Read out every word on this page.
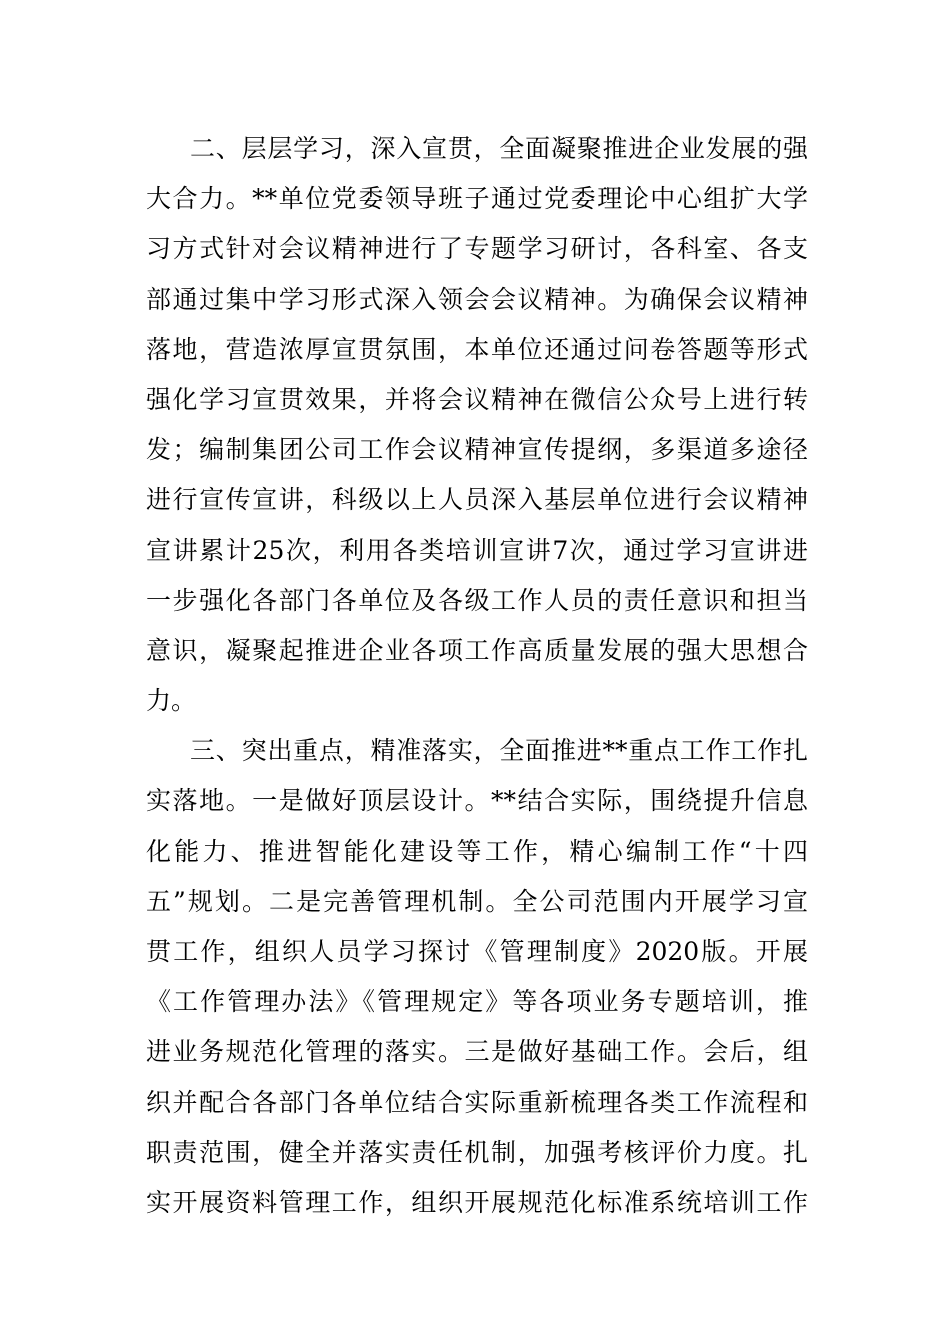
二、层层学习，深入宣贯，全面凝聚推进企业发展的强
大合力。**单位党委领导班子通过党委理论中心组扩大学
习方式针对会议精神进行了专题学习研讨，各科室、各支
部通过集中学习形式深入领会会议精神。为确保会议精神
落地，营造浓厚宣贯氛围，本单位还通过问卷答题等形式
强化学习宣贯效果，并将会议精神在微信公众号上进行转
发；编制集团公司工作会议精神宣传提纲，多渠道多途径
进行宣传宣讲，科级以上人员深入基层单位进行会议精神
宣讲累计25次，利用各类培训宣讲7次，通过学习宣讲进
一步强化各部门各单位及各级工作人员的责任意识和担当
意识，凝聚起推进企业各项工作高质量发展的强大思想合
力。
三、突出重点，精准落实，全面推进**重点工作工作扎
实落地。一是做好顶层设计。**结合实际，围绕提升信息
化能力、推进智能化建设等工作，精心编制工作“十四
五”规划。二是完善管理机制。全公司范围内开展学习宣
贯工作，组织人员学习探讨《管理制度》2020版。开展
《工作管理办法》《管理规定》等各项业务专题培训，推
进业务规范化管理的落实。三是做好基础工作。会后，组
织并配合各部门各单位结合实际重新梳理各类工作流程和
职责范围，健全并落实责任机制，加强考核评价力度。扎
实开展资料管理工作，组织开展规范化标准系统培训工作
